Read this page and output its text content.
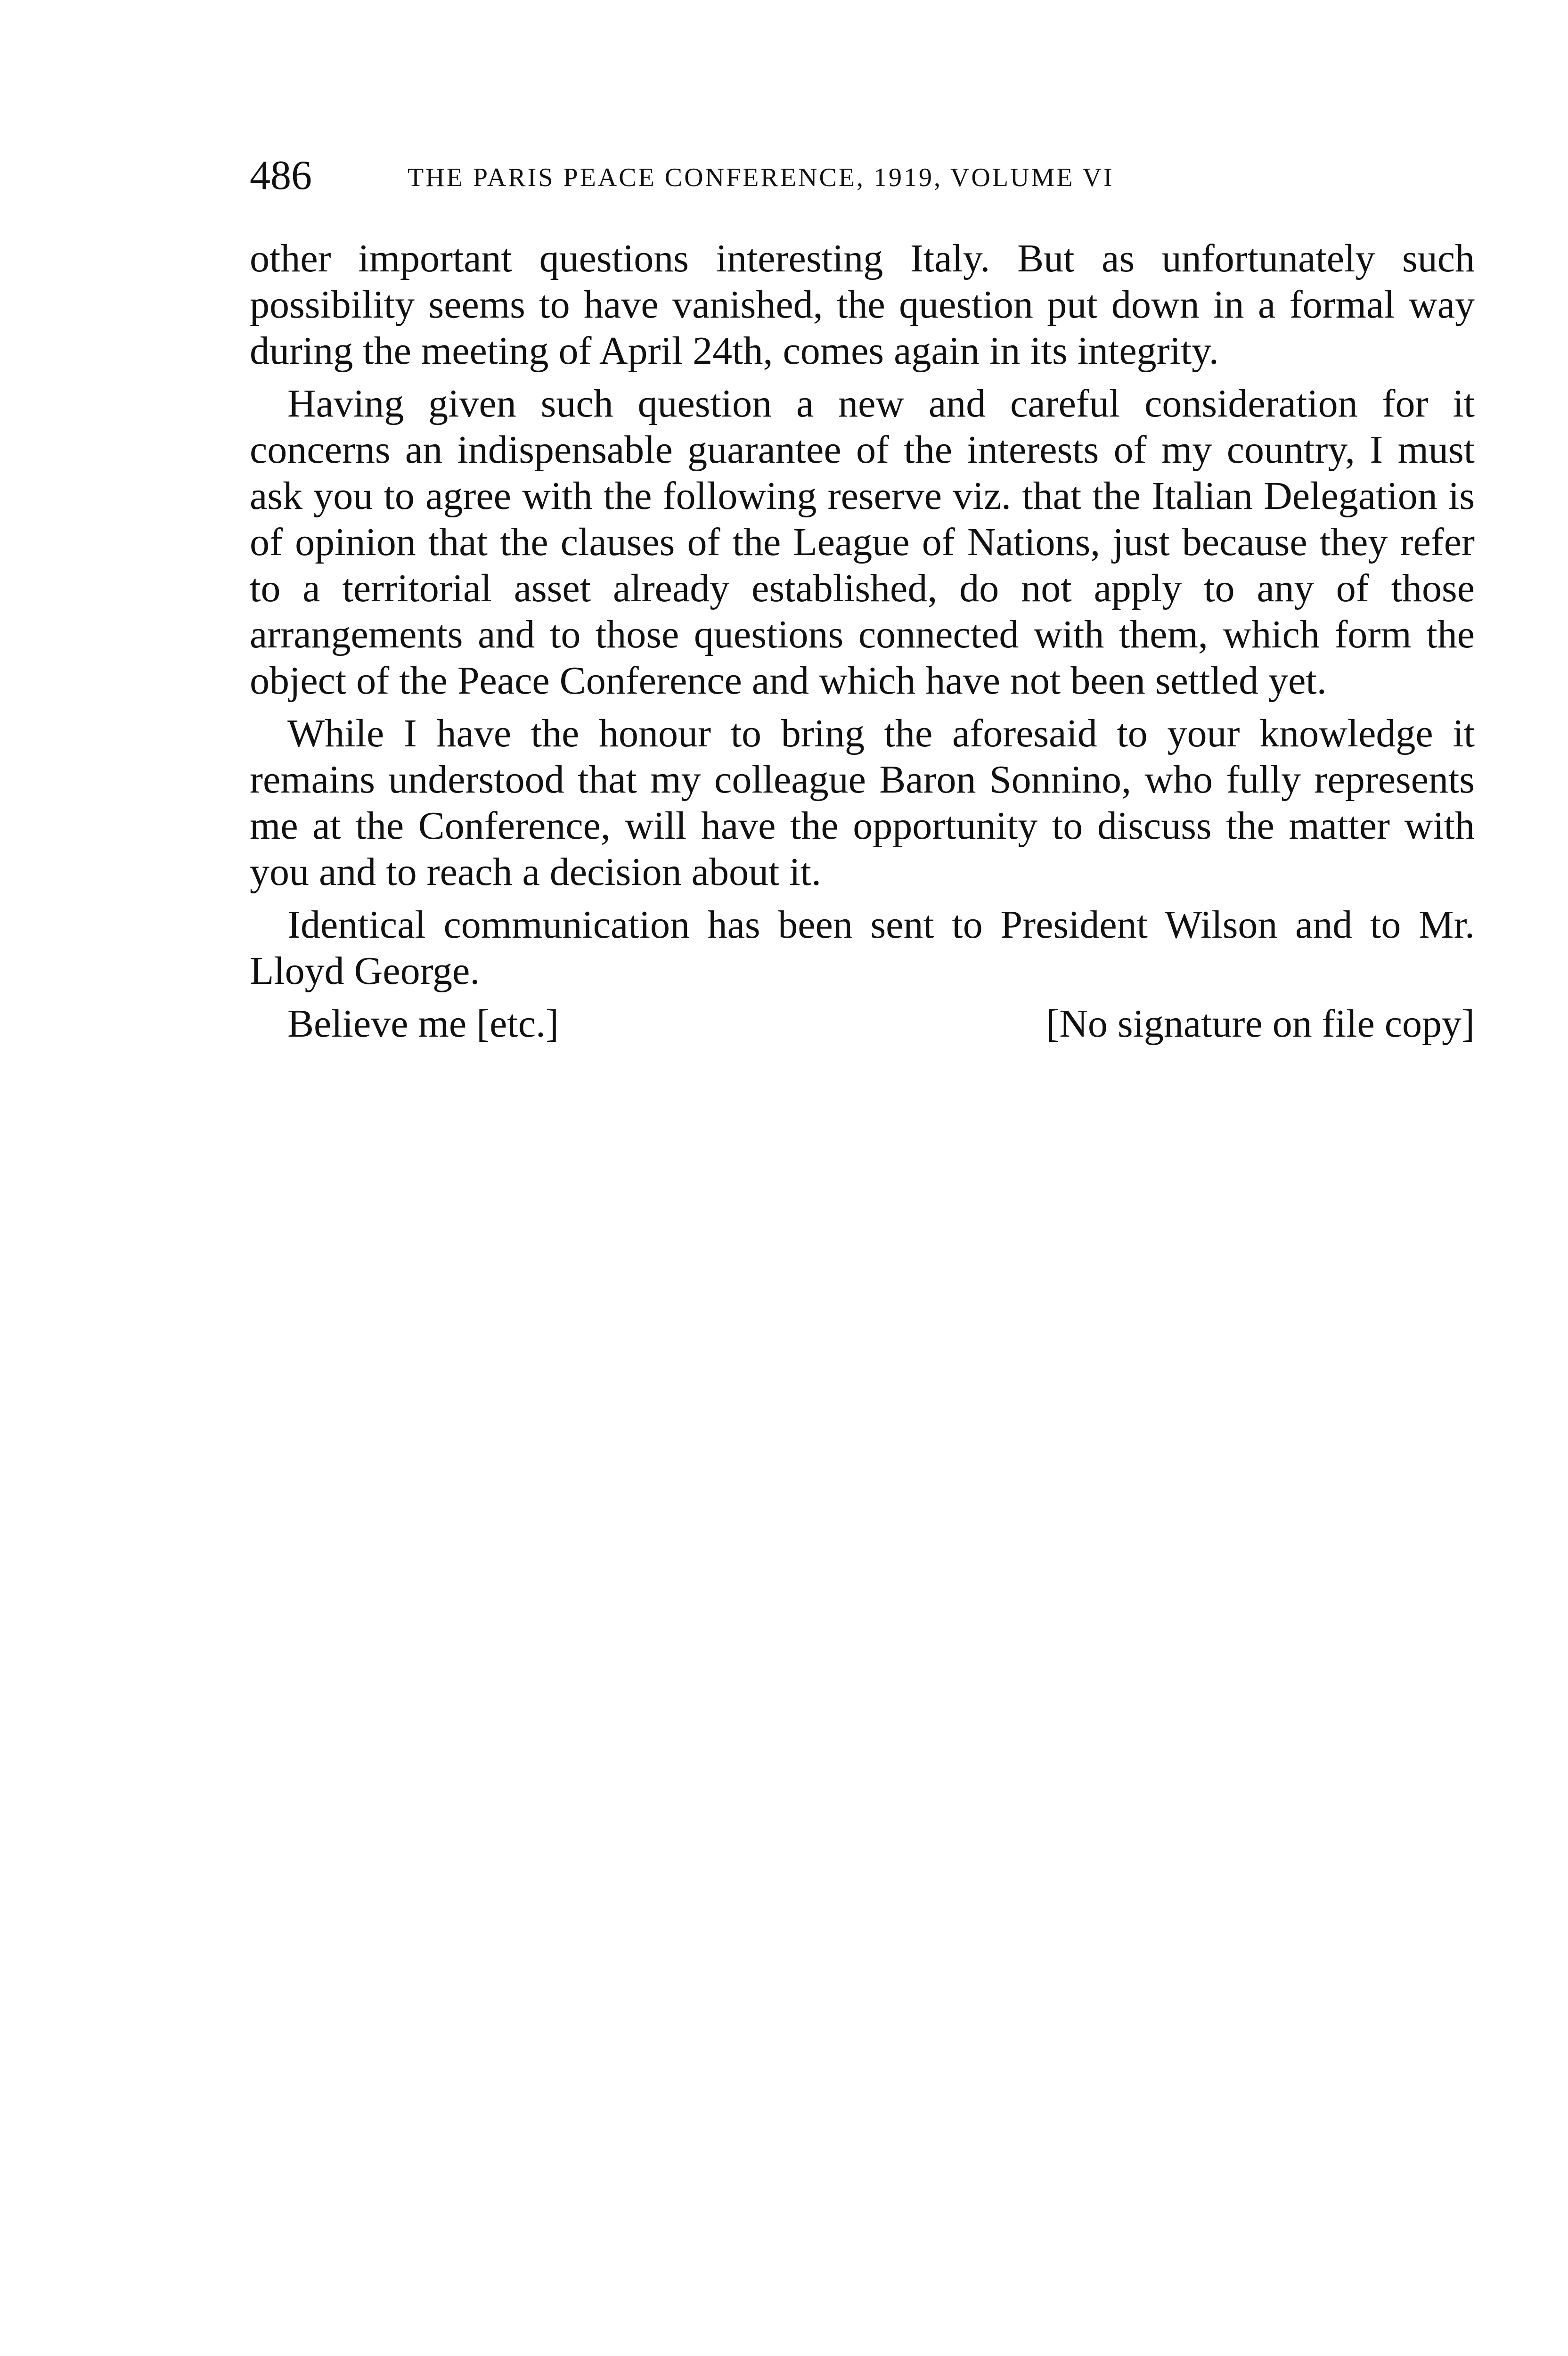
486	THE PARIS PEACE CONFERENCE, 1919, VOLUME VI

other important questions interesting Italy. But as unfortunately such possibility seems to have vanished, the question put down in a formal way during the meeting of April 24th, comes again in its integrity.

Having given such question a new and careful consideration for it concerns an indispensable guarantee of the interests of my country, I must ask you to agree with the following reserve viz. that the Italian Delegation is of opinion that the clauses of the League of Nations, just because they refer to a territorial asset already established, do not apply to any of those arrangements and to those questions connected with them, which form the object of the Peace Conference and which have not been settled yet.

While I have the honour to bring the aforesaid to your knowledge it remains understood that my colleague Baron Sonnino, who fully represents me at the Conference, will have the opportunity to discuss the matter with you and to reach a decision about it.

Identical communication has been sent to President Wilson and to Mr. Lloyd George.

Believe me [etc.]	[No signature on file copy]
